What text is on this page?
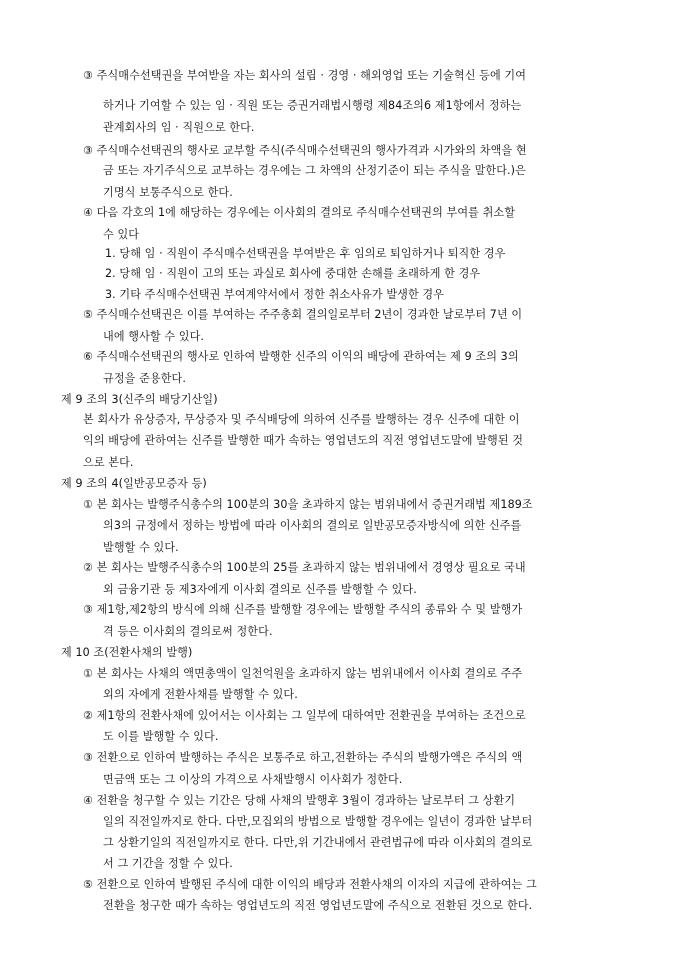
③ 주식매수선택권을 부여받을 자는 회사의 설립 · 경영 · 해외영업 또는 기술혁신 등에 기여
하거나 기여할 수 있는 임 · 직원 또는 증권거래법시행령 제84조의6 제1항에서 정하는
관계회사의 임 · 직원으로 한다.
③ 주식매수선택권의 행사로 교부할 주식(주식매수선택권의 행사가격과 시가와의 차액을 현
금 또는 자기주식으로 교부하는 경우에는 그 차액의 산정기준이 되는 주식을 말한다.)은
기명식 보통주식으로 한다.
④ 다음 각호의 1에 해당하는 경우에는 이사회의 결의로 주식매수선택권의 부여를 취소할
수 있다
1. 당해 임 · 직원이 주식매수선택권을 부여받은 후 임의로 퇴임하거나 퇴직한 경우
2. 당해 임 · 직원이 고의 또는 과실로 회사에 중대한 손해를 초래하게 한 경우
3. 기타 주식매수선택권 부여계약서에서 정한 취소사유가 발생한 경우
⑤ 주식매수선택권은 이를 부여하는 주주총회 결의일로부터 2년이 경과한 날로부터 7년 이
내에 행사할 수 있다.
⑥ 주식매수선택권의 행사로 인하여 발행한 신주의 이익의 배당에 관하여는 제 9 조의 3의
규정을 준용한다.
제 9 조의 3(신주의 배당기산일)
본 회사가 유상증자, 무상증자 및 주식배당에 의하여 신주를 발행하는 경우 신주에 대한 이
익의 배당에 관하여는 신주를 발행한 때가 속하는 영업년도의 직전 영업년도말에 발행된 것
으로 본다.
제 9 조의 4(일반공모증자 등)
① 본 회사는 발행주식총수의 100분의 30을 초과하지 않는 범위내에서 증권거래법 제189조
의3의 규정에서 정하는 방법에 따라 이사회의 결의로 일반공모증자방식에 의한 신주를
발행할 수 있다.
② 본 회사는 발행주식총수의 100분의 25를 초과하지 않는 범위내에서 경영상 필요로 국내
외 금융기관 등 제3자에게 이사회 결의로 신주를 발행할 수 있다.
③ 제1항,제2항의 방식에 의해 신주를 발행할 경우에는 발행할 주식의 종류와 수 및 발행가
격 등은 이사회의 결의로써 정한다.
제 10 조(전환사채의 발행)
① 본 회사는 사채의 액면총액이 일천억원을 초과하지 않는 범위내에서 이사회 결의로 주주
외의 자에게 전환사채를 발행할 수 있다.
② 제1항의 전환사채에 있어서는 이사회는 그 일부에 대하여만 전환권을 부여하는 조건으로
도 이를 발행할 수 있다.
③ 전환으로 인하여 발행하는 주식은 보통주로 하고,전환하는 주식의 발행가액은 주식의 액
면금액 또는 그 이상의 가격으로 사채발행시 이사회가 정한다.
④ 전환을 청구할 수 있는 기간은 당해 사채의 발행후 3월이 경과하는 날로부터 그 상환기
일의 직전일까지로 한다. 다만,모집외의 방법으로 발행할 경우에는 일년이 경과한 날부터
그 상환기일의 직전일까지로 한다. 다만,위 기간내에서 관련법규에 따라 이사회의 결의로
서 그 기간을 정할 수 있다.
⑤ 전환으로 인하여 발행된 주식에 대한 이익의 배당과 전환사채의 이자의 지급에 관하여는 그
전환을 청구한 때가 속하는 영업년도의 직전 영업년도말에 주식으로 전환된 것으로 한다.
